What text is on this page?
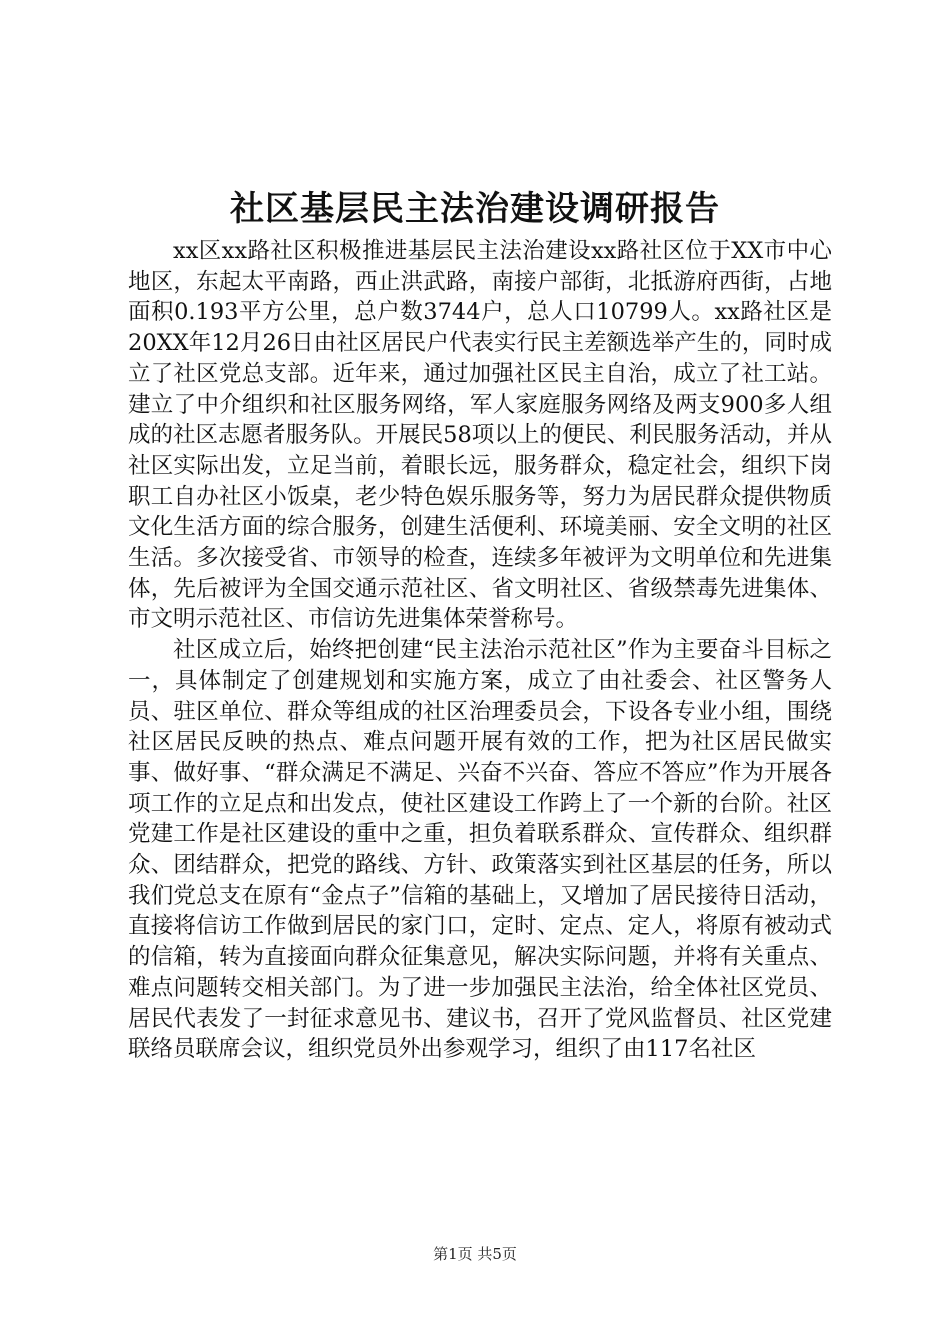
社区基层民主法治建设调研报告

xx区xx路社区积极推进基层民主法治建设xx路社区位于XX市中心地区，东起太平南路，西止洪武路，南接户部街，北抵游府西街，占地面积0.193平方公里，总户数3744户，总人口10799人。xx路社区是20XX年12月26日由社区居民户代表实行民主差额选举产生的，同时成立了社区党总支部。近年来，通过加强社区民主自治，成立了社工站。建立了中介组织和社区服务网络，军人家庭服务网络及两支900多人组成的社区志愿者服务队。开展民58项以上的便民、利民服务活动，并从社区实际出发，立足当前，着眼长远，服务群众，稳定社会，组织下岗职工自办社区小饭桌，老少特色娱乐服务等，努力为居民群众提供物质文化生活方面的综合服务，创建生活便利、环境美丽、安全文明的社区生活。多次接受省、市领导的检查，连续多年被评为文明单位和先进集体，先后被评为全国交通示范社区、省文明社区、省级禁毒先进集体、市文明示范社区、市信访先进集体荣誉称号。

社区成立后，始终把创建“民主法治示范社区”作为主要奋斗目标之一，具体制定了创建规划和实施方案，成立了由社委会、社区警务人员、驻区单位、群众等组成的社区治理委员会，下设各专业小组，围绕社区居民反映的热点、难点问题开展有效的工作，把为社区居民做实事、做好事、“群众满足不满足、兴奋不兴奋、答应不答应”作为开展各项工作的立足点和出发点，使社区建设工作跨上了一个新的台阶。社区党建工作是社区建设的重中之重，担负着联系群众、宣传群众、组织群众、团结群众，把党的路线、方针、政策落实到社区基层的任务，所以我们党总支在原有“金点子”信箱的基础上，又增加了居民接待日活动，直接将信访工作做到居民的家门口，定时、定点、定人，将原有被动式的信箱，转为直接面向群众征集意见，解决实际问题，并将有关重点、难点问题转交相关部门。为了进一步加强民主法治，给全体社区党员、居民代表发了一封征求意见书、建议书，召开了党风监督员、社区党建联络员联席会议，组织党员外出参观学习，组织了由117名社区

第1页 共5页
